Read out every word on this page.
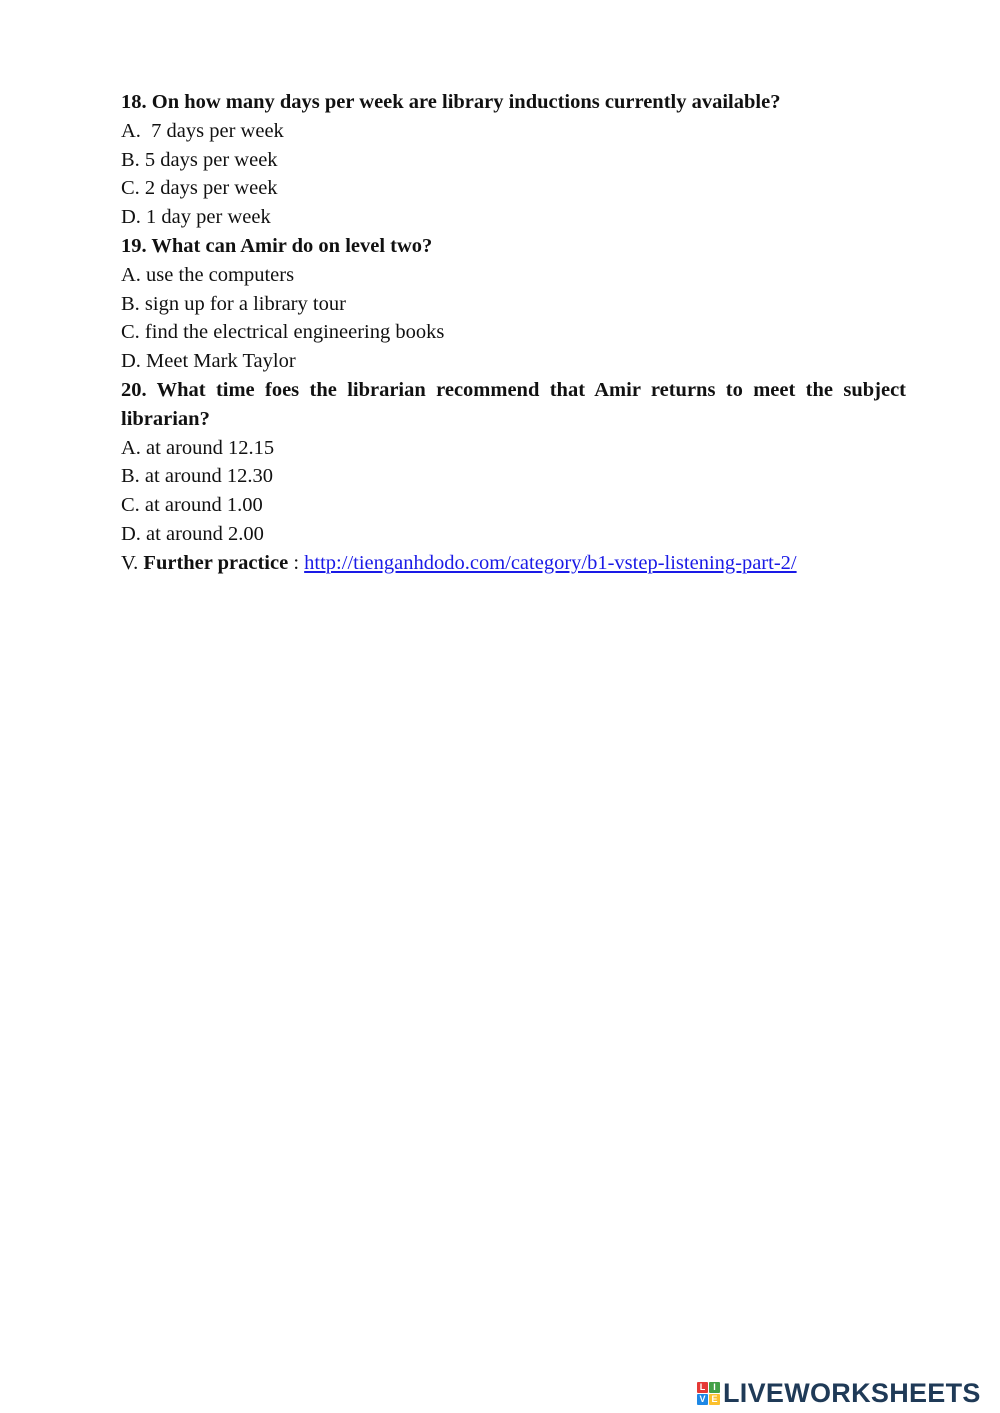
18. On how many days per week are library inductions currently available?

A.  7 days per week

B. 5 days per week

C. 2 days per week

D. 1 day per week

19. What can Amir do on level two?

A. use the computers

B. sign up for a library tour

C. find the electrical engineering books

D. Meet Mark Taylor

20. What time foes the librarian recommend that Amir returns to meet the subject librarian?

A. at around 12.15

B. at around 12.30

C. at around 1.00

D. at around 2.00

V. Further practice : http://tienganhdodo.com/category/b1-vstep-listening-part-2/

L I
V E LIVEWORKSHEETS
